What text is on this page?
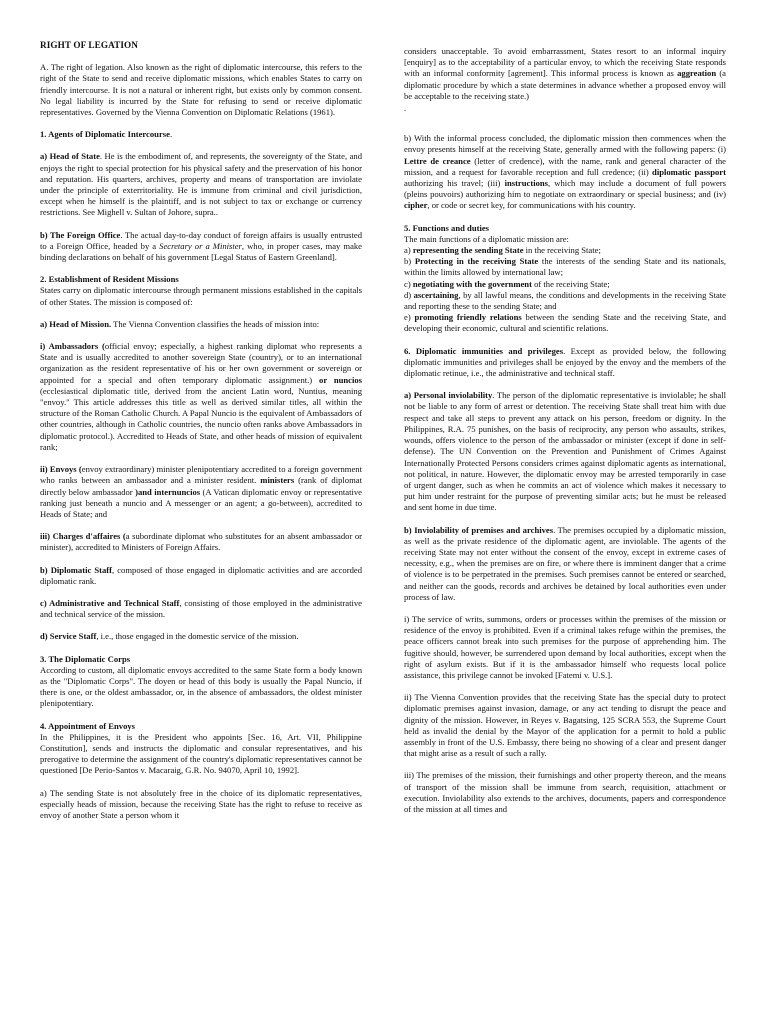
RIGHT OF LEGATION

A. The right of legation. Also known as the right of diplomatic intercourse, this refers to the right of the State to send and receive diplomatic missions, which enables States to carry on friendly intercourse. It is not a natural or inherent right, but exists only by common consent. No legal liability is incurred by the State for refusing to send or receive diplomatic representatives. Governed by the Vienna Convention on Diplomatic Relations (1961).

1. Agents of Diplomatic Intercourse.

a) Head of State. He is the embodiment of, and represents, the sovereignty of the State, and enjoys the right to special protection for his physical safety and the preservation of his honor and reputation. His quarters, archives, property and means of transportation are inviolate under the principle of exterritoriality. He is immune from criminal and civil jurisdiction, except when he himself is the plaintiff, and is not subject to tax or exchange or currency restrictions. See Mighell v. Sultan of Johore, supra..

b) The Foreign Office. The actual day-to-day conduct of foreign affairs is usually entrusted to a Foreign Office, headed by a Secretary or a Minister, who, in proper cases, may make binding declarations on behalf of his government [Legal Status of Eastern Greenland].

2. Establishment of Resident Missions

States carry on diplomatic intercourse through permanent missions established in the capitals of other States. The mission is composed of:

a) Head of Mission. The Vienna Convention classifies the heads of mission into:

i) Ambassadors (official envoy; especially, a highest ranking diplomat who represents a State and is usually accredited to another sovereign State (country), or to an international organization as the resident representative of his or her own government or sovereign or appointed for a special and often temporary diplomatic assignment.) or nuncios (ecclesiastical diplomatic title, derived from the ancient Latin word, Nuntius, meaning "envoy." This article addresses this title as well as derived similar titles, all within the structure of the Roman Catholic Church. A Papal Nuncio is the equivalent of Ambassadors of other countries, although in Catholic countries, the nuncio often ranks above Ambassadors in diplomatic protocol.). Accredited to Heads of State, and other heads of mission of equivalent rank;

ii) Envoys (envoy extraordinary) minister plenipotentiary accredited to a foreign government who ranks between an ambassador and a minister resident. ministers (rank of diplomat directly below ambassador )and internuncios (A Vatican diplomatic envoy or representative ranking just beneath a nuncio and A messenger or an agent; a go-between), accredited to Heads of State; and

iii) Charges d'affaires (a subordinate diplomat who substitutes for an absent ambassador or minister), accredited to Ministers of Foreign Affairs.

b) Diplomatic Staff, composed of those engaged in diplomatic activities and are accorded diplomatic rank.

c) Administrative and Technical Staff, consisting of those employed in the administrative and technical service of the mission.

d) Service Staff, i.e., those engaged in the domestic service of the mission.

3. The Diplomatic Corps

According to custom, all diplomatic envoys accredited to the same State form a body known as the "Diplomatic Corps". The doyen or head of this body is usually the Papal Nuncio, if there is one, or the oldest ambassador, or, in the absence of ambassadors, the oldest minister plenipotentiary.

4. Appointment of Envoys

In the Philippines, it is the President who appoints [Sec. 16, Art. VII, Philippine Constitution], sends and instructs the diplomatic and consular representatives, and his prerogative to determine the assignment of the country's diplomatic representatives cannot be questioned [De Perio-Santos v. Macaraig, G.R. No. 94070, April 10, 1992].

a) The sending State is not absolutely free in the choice of its diplomatic representatives, especially heads of mission, because the receiving State has the right to refuse to receive as envoy of another State a person whom it

considers unacceptable. To avoid embarrassment, States resort to an informal inquiry [enquiry] as to the acceptability of a particular envoy, to which the receiving State responds with an informal conformity [agrement]. This informal process is known as aggreation (a diplomatic procedure by which a state determines in advance whether a proposed envoy will be acceptable to the receiving state.)

.

b) With the informal process concluded, the diplomatic mission then commences when the envoy presents himself at the receiving State, generally armed with the following papers: (i) Lettre de creance (letter of credence), with the name, rank and general character of the mission, and a request for favorable reception and full credence; (ii) diplomatic passport authorizing his travel; (iii) instructions, which may include a document of full powers (pleins pouvoirs) authorizing him to negotiate on extraordinary or special business; and (iv) cipher, or code or secret key, for communications with his country.

5. Functions and duties

The main functions of a diplomatic mission are:

a) representing the sending State in the receiving State;

b) Protecting in the receiving State the interests of the sending State and its nationals, within the limits allowed by international law;

c) negotiating with the government of the receiving State;

d) ascertaining, by all lawful means, the conditions and developments in the receiving State and reporting these to the sending State; and

e) promoting friendly relations between the sending State and the receiving State, and developing their economic, cultural and scientific relations.

6. Diplomatic immunities and privileges. Except as provided below, the following diplomatic immunities and privileges shall be enjoyed by the envoy and the members of the diplomatic retinue, i.e., the administrative and technical staff.

a) Personal inviolability. The person of the diplomatic representative is inviolable; he shall not be liable to any form of arrest or detention. The receiving State shall treat him with due respect and take all steps to prevent any attack on his person, freedom or dignity. In the Philippines, R.A. 75 punishes, on the basis of reciprocity, any person who assaults, strikes, wounds, offers violence to the person of the ambassador or minister (except if done in self-defense). The UN Convention on the Prevention and Punishment of Crimes Against Internationally Protected Persons considers crimes against diplomatic agents as international, not political, in nature. However, the diplomatic envoy may be arrested temporarily in case of urgent danger, such as when he commits an act of violence which makes it necessary to put him under restraint for the purpose of preventing similar acts; but he must be released and sent home in due time.

b) Inviolability of premises and archives. The premises occupied by a diplomatic mission, as well as the private residence of the diplomatic agent, are inviolable. The agents of the receiving State may not enter without the consent of the envoy, except in extreme cases of necessity, e.g., when the premises are on fire, or where there is imminent danger that a crime of violence is to be perpetrated in the premises. Such premises cannot be entered or searched, and neither can the goods, records and archives be detained by local authorities even under process of law.

i) The service of writs, summons, orders or processes within the premises of the mission or residence of the envoy is prohibited. Even if a criminal takes refuge within the premises, the peace officers cannot break into such premises for the purpose of apprehending him. The fugitive should, however, be surrendered upon demand by local authorities, except when the right of asylum exists. But if it is the ambassador himself who requests local police assistance, this privilege cannot be invoked [Fatemi v. U.S.].

ii) The Vienna Convention provides that the receiving State has the special duty to protect diplomatic premises against invasion, damage, or any act tending to disrupt the peace and dignity of the mission. However, in Reyes v. Bagatsing, 125 SCRA 553, the Supreme Court held as invalid the denial by the Mayor of the application for a permit to hold a public assembly in front of the U.S. Embassy, there being no showing of a clear and present danger that might arise as a result of such a rally.

iii) The premises of the mission, their furnishings and other property thereon, and the means of transport of the mission shall be immune from search, requisition, attachment or execution. Inviolability also extends to the archives, documents, papers and correspondence of the mission at all times and
